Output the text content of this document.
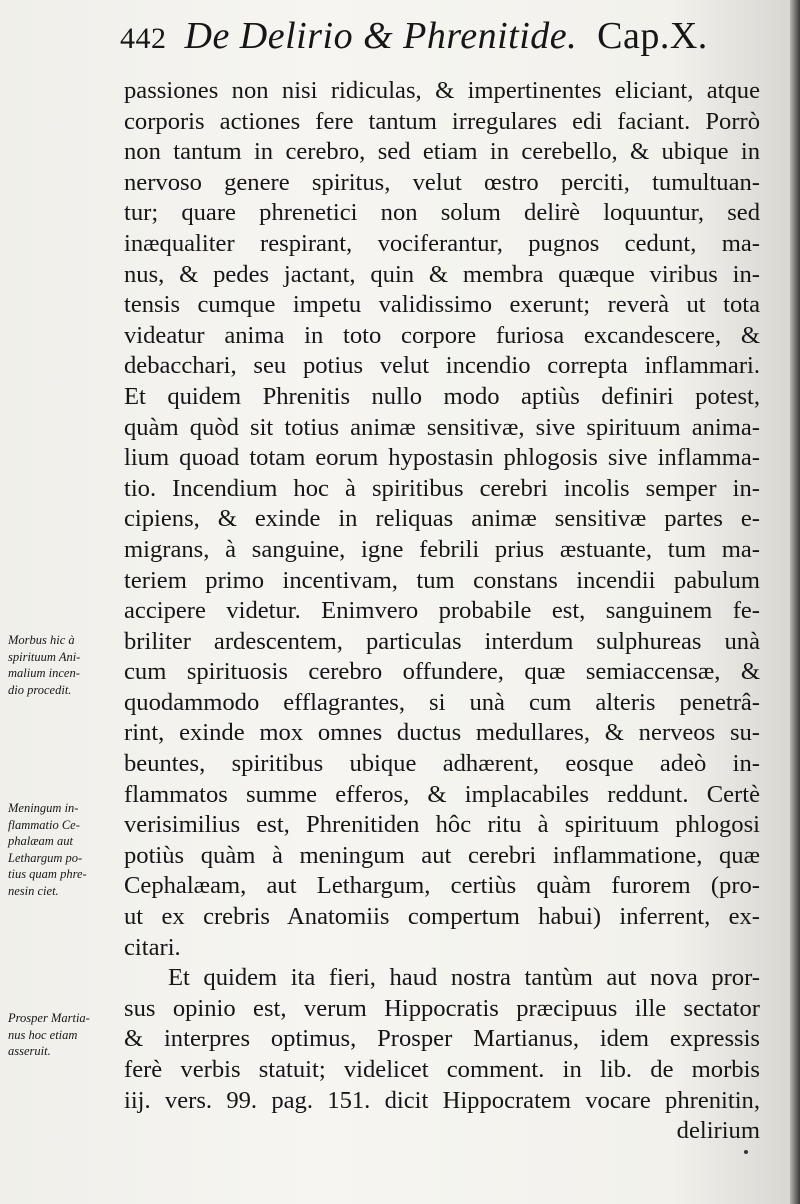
442 De Delirio & Phrenitide. Cap.X.
passiones non nisi ridiculas, & impertinentes eliciant, atque
corporis actiones fere tantum irregulares edi faciant. Porrò
non tantum in cerebro, sed etiam in cerebello, & ubique in
nervoso genere spiritus, velut œstro perciti, tumultuan-
tur; quare phrenetici non solum delirè loquuntur, sed
inæqualiter respirant, vociferantur, pugnos cedunt, ma-
nus, & pedes jactant, quin & membra quæque viribus in-
tensis cumque impetu validissimo exerunt; reverà ut tota
videatur anima in toto corpore furiosa excandescere, &
debacchari, seu potius velut incendio correpta inflammari.
Et quidem Phrenitis nullo modo aptiùs definiri potest,
quàm quòd sit totius animæ sensitivæ, sive spirituum anima-
lium quoad totam eorum hypostasin phlogosis sive inflamma-
tio. Incendium hoc à spiritibus cerebri incolis semper in-
cipiens, & exinde in reliquas animæ sensitivæ partes e-
migrans, à sanguine, igne febrili prius æstuante, tum ma-
teriem primo incentivam, tum constans incendii pabulum
accipere videtur. Enimvero probabile est, sanguinem fe-
briliter ardescentem, particulas interdum sulphureas unà
cum spirituosis cerebro offundere, quæ semiaccensæ, &
quodammodo efflagrantes, si unà cum alteris penetrâ-
rint, exinde mox omnes ductus medullares, & nerveos su-
beuntes, spiritibus ubique adhærent, eosque adeò in-
flammatos summe efferos, & implacabiles reddunt. Certè
verisimilius est, Phrenitiden hôc ritu à spirituum phlogosi
potiùs quàm à meningum aut cerebri inflammatione, quæ
Cephalæam, aut Lethargum, certiùs quàm furorem (pro-
ut ex crebris Anatomiis compertum habui) inferrent, ex-
citari.
Et quidem ita fieri, haud nostra tantùm aut nova pror-
sus opinio est, verum Hippocratis præcipuus ille sectator
& interpres optimus, Prosper Martianus, idem expressis
ferè verbis statuit; videlicet comment. in lib. de morbis
iij. vers. 99. pag. 151. dicit Hippocratem vocare phrenitin,
delirium
Morbus hic à
spirituum Ani-
malium incen-
dio procedit.
Meningum in-
flammatio Ce-
phalæam aut
Lethargum po-
tius quam phre-
nesin ciet.
Prosper Martia-
nus hoc etiam
asseruit.
